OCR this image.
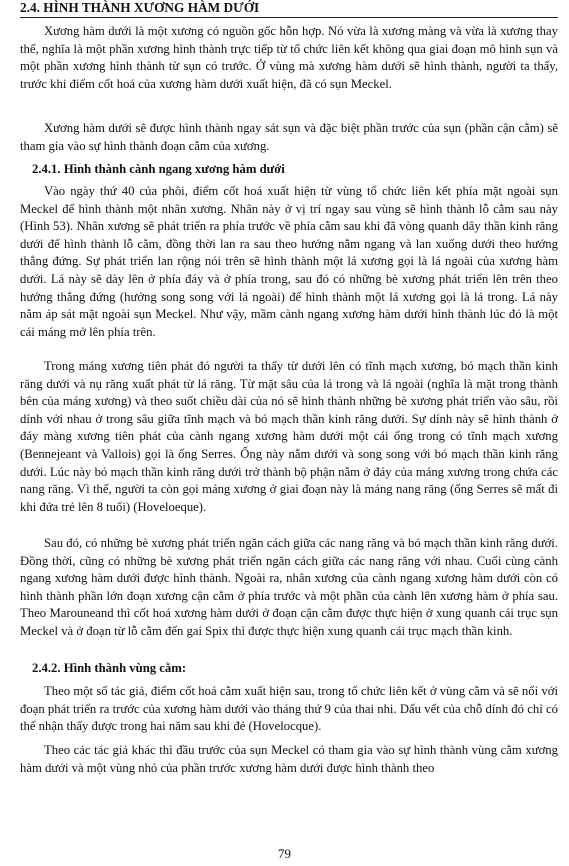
2.4. HÌNH THÀNH XƯƠNG HÀM DƯỚI

Xương hàm dưới là một xương có nguồn gốc hỗn hợp. Nó vừa là xương màng và vừa là xương thay thế, nghĩa là một phần xương hình thành trực tiếp từ tổ chức liên kết không qua giai đoạn mô hình sụn và một phần xương hình thành từ sụn có trước. Ở vùng mà xương hàm dưới sẽ hình thành, người ta thấy, trước khi điểm cốt hoá của xương hàm dưới xuất hiện, đã có sụn Meckel.

Xương hàm dưới sẽ được hình thành ngay sát sụn và đặc biệt phần trước của sụn (phần cận cằm) sẽ tham gia vào sự hình thành đoạn cằm của xương.

2.4.1. Hình thành cành ngang xương hàm dưới

Vào ngày thứ 40 của phôi, điểm cốt hoá xuất hiện từ vùng tổ chức liên kết phía mặt ngoài sụn Meckel để hình thành một nhân xương. Nhân này ở vị trí ngay sau vùng sẽ hình thành lỗ cằm sau này (Hình 53). Nhân xương sẽ phát triển ra phía trước về phía cằm sau khi đã vòng quanh dây thần kinh răng dưới để hình thành lỗ cằm, đồng thời lan ra sau theo hướng nằm ngang và lan xuống dưới theo hướng thẳng đứng. Sự phát triển lan rộng nói trên sẽ hình thành một lá xương gọi là lá ngoài của xương hàm dưới. Lá này sẽ dày lên ở phía đáy và ở phía trong, sau đó có những bè xương phát triển lên trên theo hướng thẳng đứng (hướng song song với lá ngoài) để hình thành một lá xương gọi là lá trong. Lá này nằm áp sát mặt ngoài sụn Meckel. Như vậy, mầm cành ngang xương hàm dưới hình thành lúc đó là một cái máng mở lên phía trên.

Trong máng xương tiên phát đó người ta thấy từ dưới lên có tĩnh mạch xương, bó mạch thần kinh răng dưới và nụ răng xuất phát từ lá răng. Từ mặt sâu của lá trong và lá ngoài (nghĩa là mặt trong thành bên của máng xương) và theo suốt chiều dài của nó sẽ hình thành những bè xương phát triển vào sâu, rồi dính với nhau ở trong sâu giữa tĩnh mạch và bó mạch thần kinh răng dưới. Sự dính này sẽ hình thành ở đáy màng xương tiên phát của cành ngang xương hàm dưới một cái ống trong có tĩnh mạch xương (Bennejeant và Vallois) gọi là ống Serres. Ống này nằm dưới và song song với bó mạch thần kinh răng dưới. Lúc này bó mạch thần kinh răng dưới trở thành bộ phận nằm ở đáy của máng xương trong chứa các nang răng. Vì thế, người ta còn gọi máng xương ở giai đoạn này là máng nang răng (ống Serres sẽ mất đi khi đứa trẻ lên 8 tuổi) (Hoveloeque).

Sau đó, có những bè xương phát triển ngăn cách giữa các nang răng và bó mạch thần kinh răng dưới. Đồng thời, cũng có những bè xương phát triển ngăn cách giữa các nang răng với nhau. Cuối cùng cành ngang xương hàm dưới được hình thành. Ngoài ra, nhân xương của cành ngang xương hàm dưới còn có hình thành phần lớn đoạn xương cận cằm ở phía trước và một phần của cành lên xương hàm ở phía sau. Theo Marouneand thì cốt hoá xương hàm dưới ở đoạn cận cằm được thực hiện ở xung quanh cái trục sụn Meckel và ở đoạn từ lỗ cằm đến gai Spix thì được thực hiện xung quanh cái trục mạch thần kinh.

2.4.2. Hình thành vùng cằm:

Theo một số tác giả, điểm cốt hoá cằm xuất hiện sau, trong tổ chức liên kết ở vùng cằm và sẽ nối với đoạn phát triển ra trước của xương hàm dưới vào tháng thứ 9 của thai nhi. Dấu vết của chỗ dính đó chỉ có thể nhận thấy được trong hai năm sau khi đẻ (Hovelocque).

Theo các tác giả khác thì đầu trước của sụn Meckel có tham gia vào sự hình thành vùng cằm xương hàm dưới và một vùng nhỏ của phần trước xương hàm dưới được hình thành theo

79
